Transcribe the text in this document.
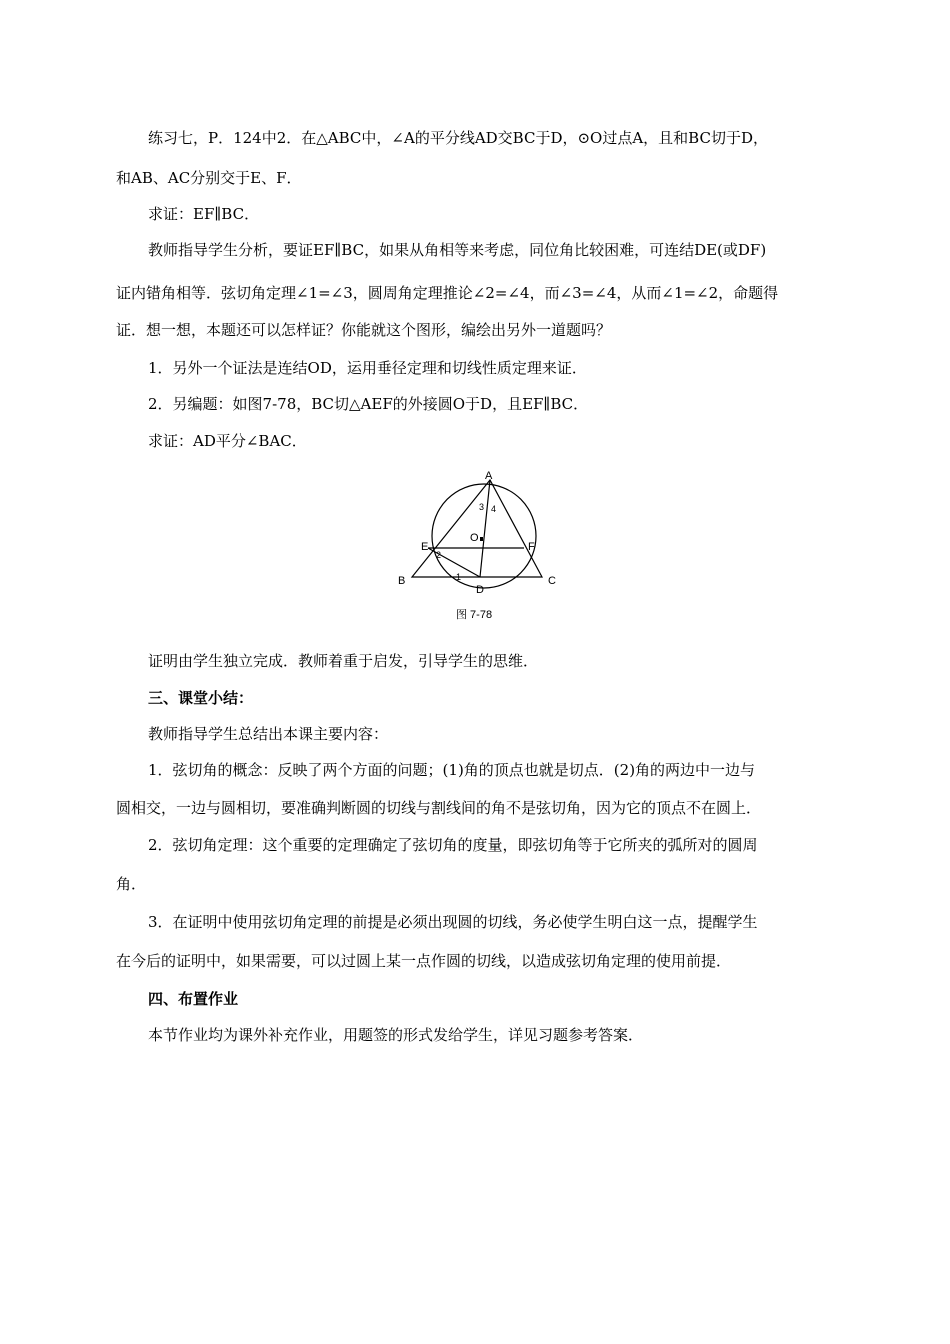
练习七，P．124中2．在△ABC中，∠A的平分线AD交BC于D，⊙O过点A，且和BC切于D，
和AB、AC分别交于E、F．
求证：EF∥BC．
教师指导学生分析，要证EF∥BC，如果从角相等来考虑，同位角比较困难，可连结DE(或DF)
证内错角相等．弦切角定理∠1=∠3，圆周角定理推论∠2=∠4，而∠3=∠4，从而∠1=∠2，命题得
证．想一想，本题还可以怎样证？你能就这个图形，编绘出另外一道题吗？
1．另外一个证法是连结OD，运用垂径定理和切线性质定理来证．
2．另编题：如图7-78，BC切△AEF的外接圆O于D，且EF∥BC．
求证：AD平分∠BAC．
A
B	C
D
E	F
O
1
2
3 4
图 7-78
证明由学生独立完成．教师着重于启发，引导学生的思维．
三、课堂小结：
教师指导学生总结出本课主要内容：
1．弦切角的概念：反映了两个方面的问题；(1)角的顶点也就是切点．(2)角的两边中一边与
圆相交，一边与圆相切，要准确判断圆的切线与割线间的角不是弦切角，因为它的顶点不在圆上．
2．弦切角定理：这个重要的定理确定了弦切角的度量，即弦切角等于它所夹的弧所对的圆周
角．
3．在证明中使用弦切角定理的前提是必须出现圆的切线，务必使学生明白这一点，提醒学生
在今后的证明中，如果需要，可以过圆上某一点作圆的切线，以造成弦切角定理的使用前提．
四、布置作业
本节作业均为课外补充作业，用题签的形式发给学生，详见习题参考答案．
